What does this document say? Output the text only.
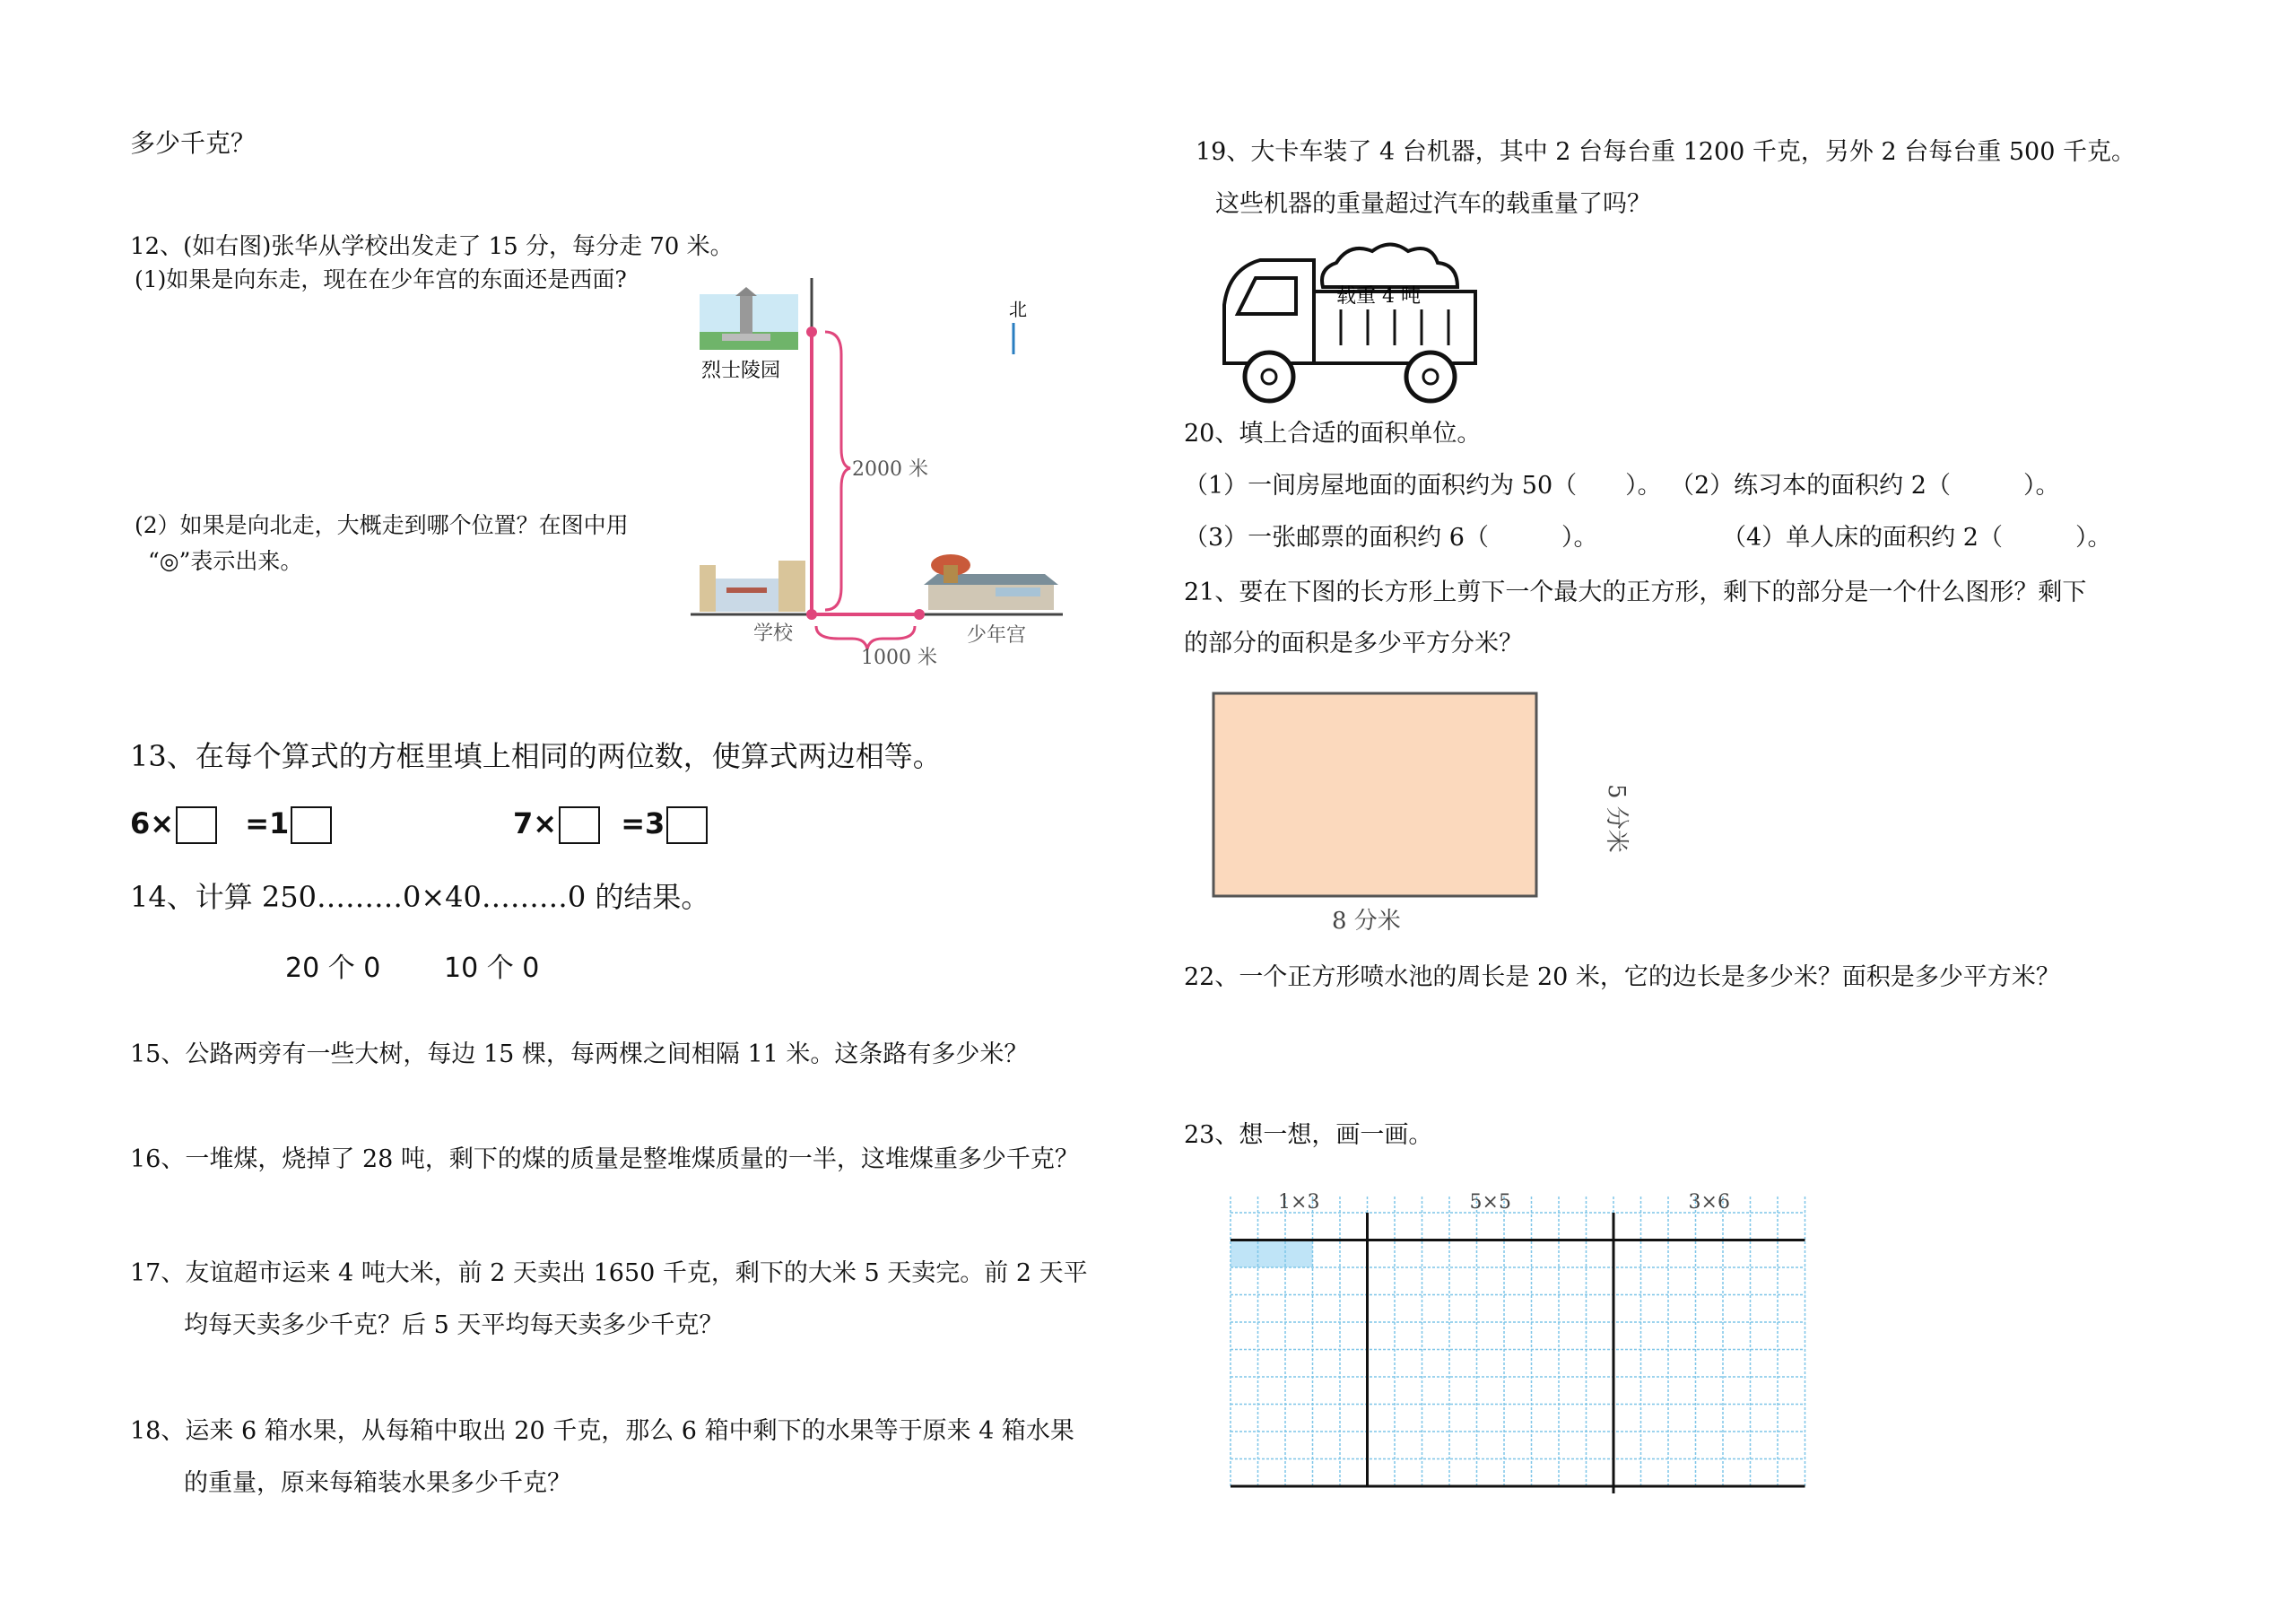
多少千克？
12、(如右图)张华从学校出发走了 15 分，每分走 70 米。
(1)如果是向东走，现在在少年宫的东面还是西面?
(2）如果是向北走，大概走到哪个位置？在图中用
“◎”表示出来。
北
烈士陵园
2000 米
1000 米
学校	少年宫
13、在每个算式的方框里填上相同的两位数，使算式两边相等。
6× =1	7× =3
14、计算 250………0×40………0 的结果。
20 个 0 10 个 0
15、公路两旁有一些大树，每边 15 棵，每两棵之间相隔 11 米。这条路有多少米？
16、一堆煤，烧掉了 28 吨，剩下的煤的质量是整堆煤质量的一半，这堆煤重多少千克？
17、友谊超市运来 4 吨大米，前 2 天卖出 1650 千克，剩下的大米 5 天卖完。前 2 天平
均每天卖多少千克？后 5 天平均每天卖多少千克？
18、运来 6 箱水果，从每箱中取出 20 千克，那么 6 箱中剩下的水果等于原来 4 箱水果
的重量，原来每箱装水果多少千克？
19、大卡车装了 4 台机器，其中 2 台每台重 1200 千克，另外 2 台每台重 500 千克。
这些机器的重量超过汽车的载重量了吗？
载重 4 吨
20、填上合适的面积单位。
（1）一间房屋地面的面积约为 50（　　）。 （2）练习本的面积约 2（　　　）。
（3）一张邮票的面积约 6（　　　）。	（4）单人床的面积约 2（　　　）。
21、要在下图的长方形上剪下一个最大的正方形，剩下的部分是一个什么图形？剩下
的部分的面积是多少平方分米？
8 分米
5 分米
22、一个正方形喷水池的周长是 20 米，它的边长是多少米？面积是多少平方米？
23、想一想，画一画。
1×3	5×5	3×6
